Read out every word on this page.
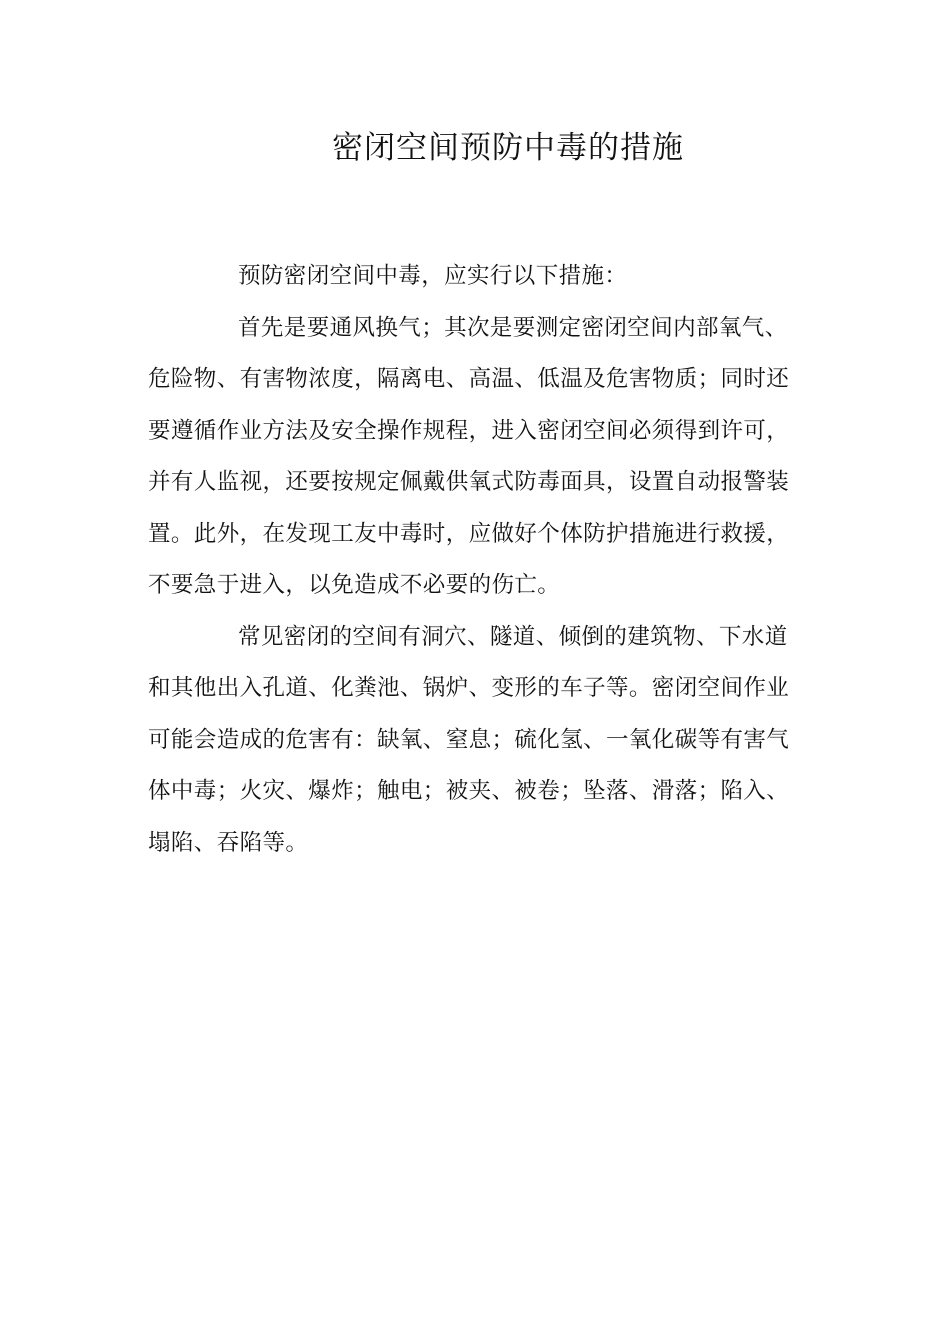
密闭空间预防中毒的措施

预防密闭空间中毒，应实行以下措施：

首先是要通风换气；其次是要测定密闭空间内部氧气、危险物、有害物浓度，隔离电、高温、低温及危害物质；同时还要遵循作业方法及安全操作规程，进入密闭空间必须得到许可，并有人监视，还要按规定佩戴供氧式防毒面具，设置自动报警装置。此外，在发现工友中毒时，应做好个体防护措施进行救援，不要急于进入，以免造成不必要的伤亡。

常见密闭的空间有洞穴、隧道、倾倒的建筑物、下水道和其他出入孔道、化粪池、锅炉、变形的车子等。密闭空间作业可能会造成的危害有：缺氧、窒息；硫化氢、一氧化碳等有害气体中毒；火灾、爆炸；触电；被夹、被卷；坠落、滑落；陷入、塌陷、吞陷等。
